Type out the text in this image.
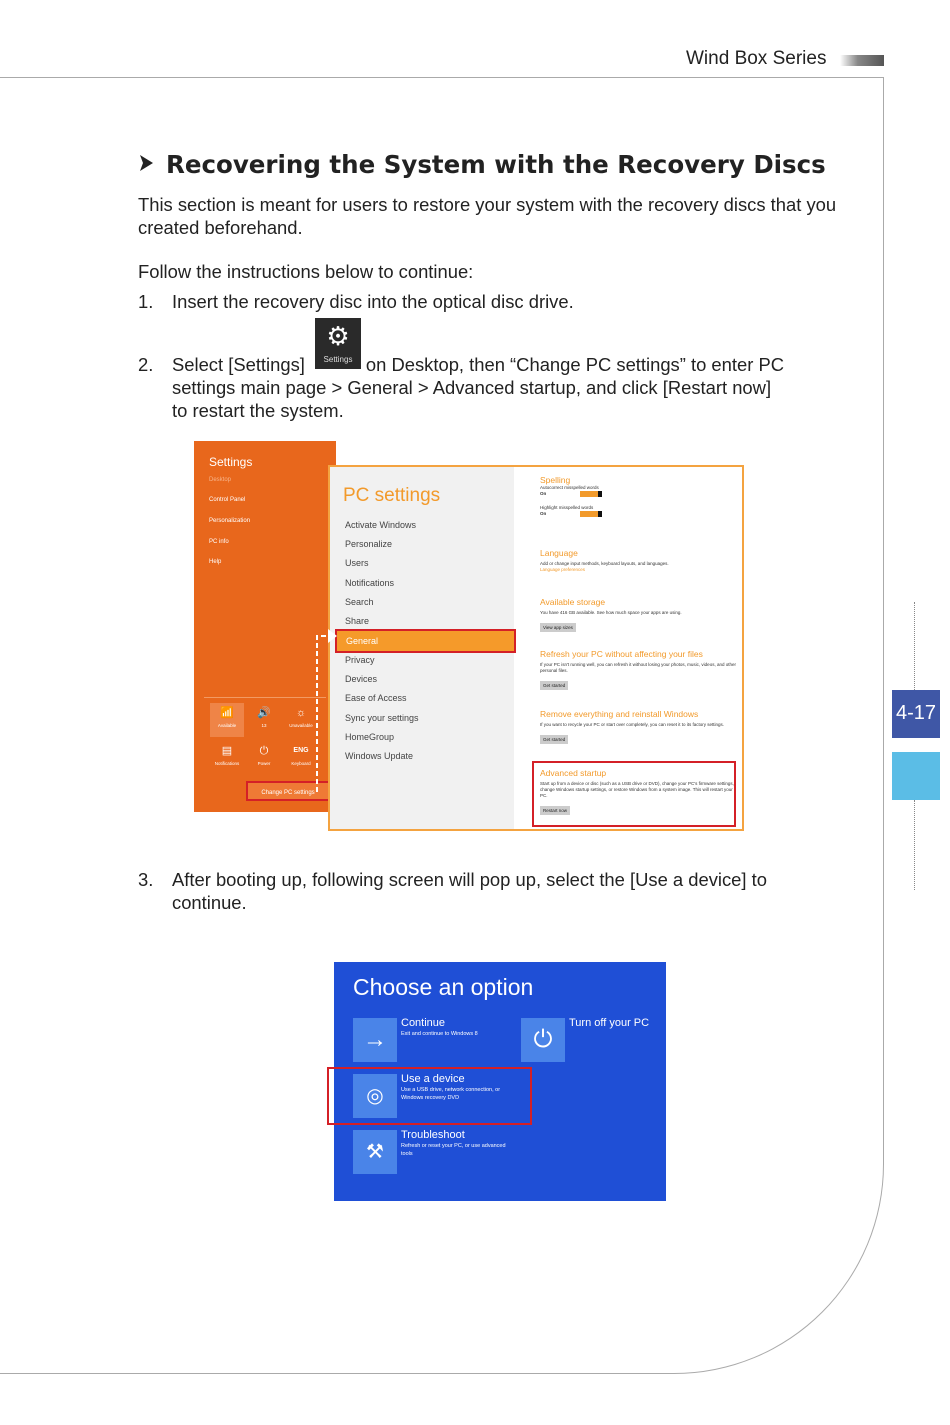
Wind Box Series
4-17
Recovering the System with the Recovery Discs

This section is meant for users to restore your system with the recovery discs that you created beforehand.

Follow the instructions below to continue:

1. Insert the recovery disc into the optical disc drive.

⚙
Settings

2. Select [Settings]	on Desktop, then “Change PC settings” to enter PC

settings main page > General > Advanced startup, and click [Restart now]

to restart the system.

Settings
Desktop
Control Panel
Personalization
PC info
Help
📶
Available
🔊
13
☼
Unavailable
▤
Notifications
⏻
Power
ENG
Keyboard
Change PC settings
PC settings
Activate Windows
Personalize
Users
Notifications
Search
Share
General
Privacy
Devices
Ease of Access
Sync your settings
HomeGroup
Windows Update
Spelling
Autocorrect misspelled words
On
Highlight misspelled words
On
Language
Add or change input methods, keyboard layouts, and languages.
Language preferences
Available storage
You have 416 GB available. See how much space your apps are using.
View app sizes
Refresh your PC without affecting your files
If your PC isn't running well, you can refresh it without losing your photos, music, videos, and other personal files.
Get started
Remove everything and reinstall Windows
If you want to recycle your PC or start over completely, you can reset it to its factory settings.
Get started
Advanced startup
Start up from a device or disc (such as a USB drive or DVD), change your PC's firmware settings, change Windows startup settings, or restore Windows from a system image. This will restart your PC.
Restart now

3. After booting up, following screen will pop up, select the [Use a device] to

continue.

Choose an option
→
Continue
Exit and continue to Windows 8	⏻
Turn off your PC
◎
Use a device
Use a USB drive, network connection, or Windows recovery DVD
⚒
Troubleshoot
Refresh or reset your PC, or use advanced tools
